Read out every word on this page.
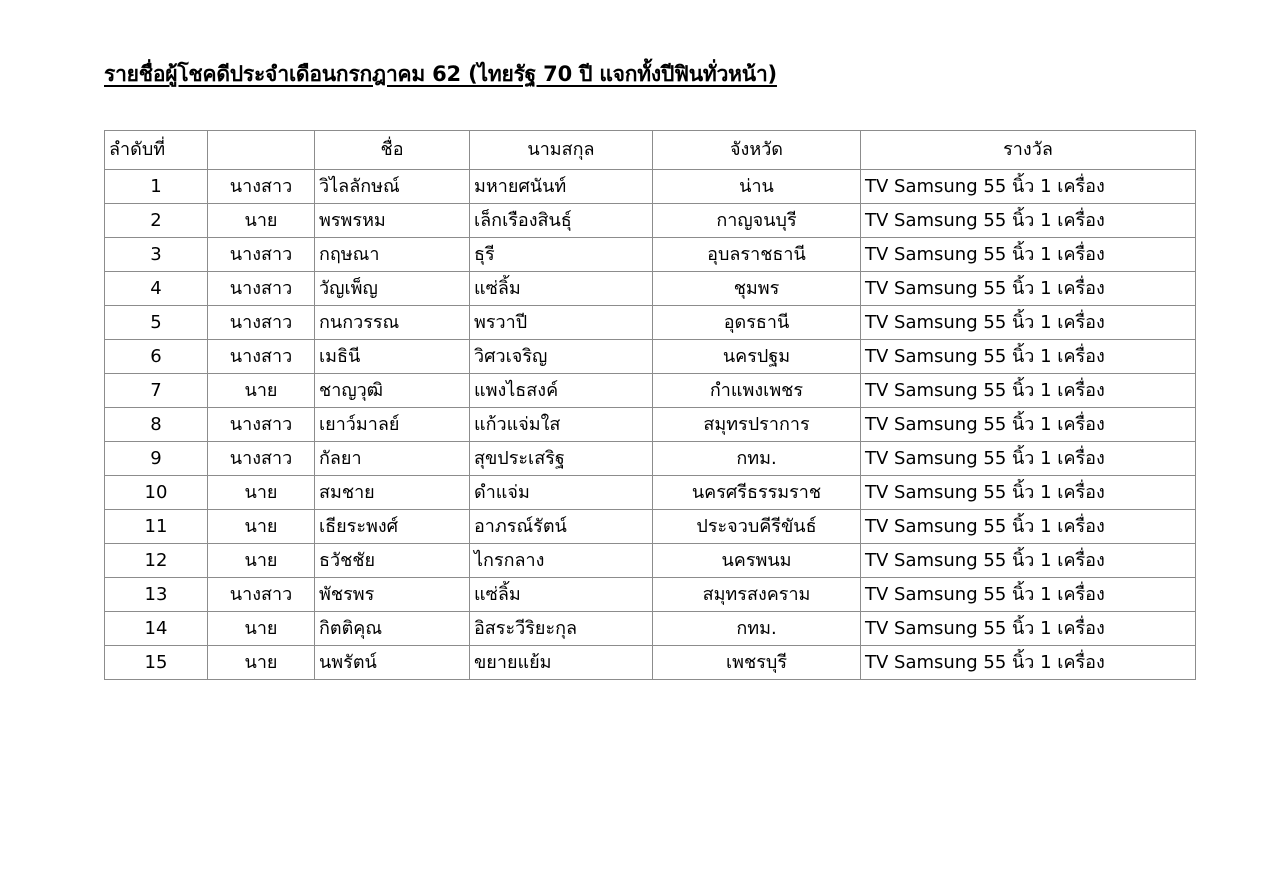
รายชื่อผู้โชคดีประจำเดือนกรกฎาคม 62 (ไทยรัฐ 70 ปี แจกทั้งปีฟินทั่วหน้า)
ลำดับที่		ชื่อ	นามสกุล	จังหวัด	รางวัล
1	นางสาว	วิไลลักษณ์	มหายศนันท์	น่าน	TV Samsung 55 นิ้ว 1 เครื่อง
2	นาย	พรพรหม	เล็กเรืองสินธุ์	กาญจนบุรี	TV Samsung 55 นิ้ว 1 เครื่อง
3	นางสาว	กฤษณา	ธุรี	อุบลราชธานี	TV Samsung 55 นิ้ว 1 เครื่อง
4	นางสาว	วัญเพ็ญ	แซ่ลิ้ม	ชุมพร	TV Samsung 55 นิ้ว 1 เครื่อง
5	นางสาว	กนกวรรณ	พรวาปี	อุดรธานี	TV Samsung 55 นิ้ว 1 เครื่อง
6	นางสาว	เมธินี	วิศวเจริญ	นครปฐม	TV Samsung 55 นิ้ว 1 เครื่อง
7	นาย	ชาญวุฒิ	แพงไธสงค์	กำแพงเพชร	TV Samsung 55 นิ้ว 1 เครื่อง
8	นางสาว	เยาว์มาลย์	แก้วแจ่มใส	สมุทรปราการ	TV Samsung 55 นิ้ว 1 เครื่อง
9	นางสาว	กัลยา	สุขประเสริฐ	กทม.	TV Samsung 55 นิ้ว 1 เครื่อง
10	นาย	สมชาย	ดำแจ่ม	นครศรีธรรมราช	TV Samsung 55 นิ้ว 1 เครื่อง
11	นาย	เธียระพงศ์	อาภรณ์รัตน์	ประจวบคีรีขันธ์	TV Samsung 55 นิ้ว 1 เครื่อง
12	นาย	ธวัชชัย	ไกรกลาง	นครพนม	TV Samsung 55 นิ้ว 1 เครื่อง
13	นางสาว	พัชรพร	แซ่ลิ้ม	สมุทรสงคราม	TV Samsung 55 นิ้ว 1 เครื่อง
14	นาย	กิตติคุณ	อิสระวีริยะกุล	กทม.	TV Samsung 55 นิ้ว 1 เครื่อง
15	นาย	นพรัตน์	ขยายแย้ม	เพชรบุรี	TV Samsung 55 นิ้ว 1 เครื่อง
